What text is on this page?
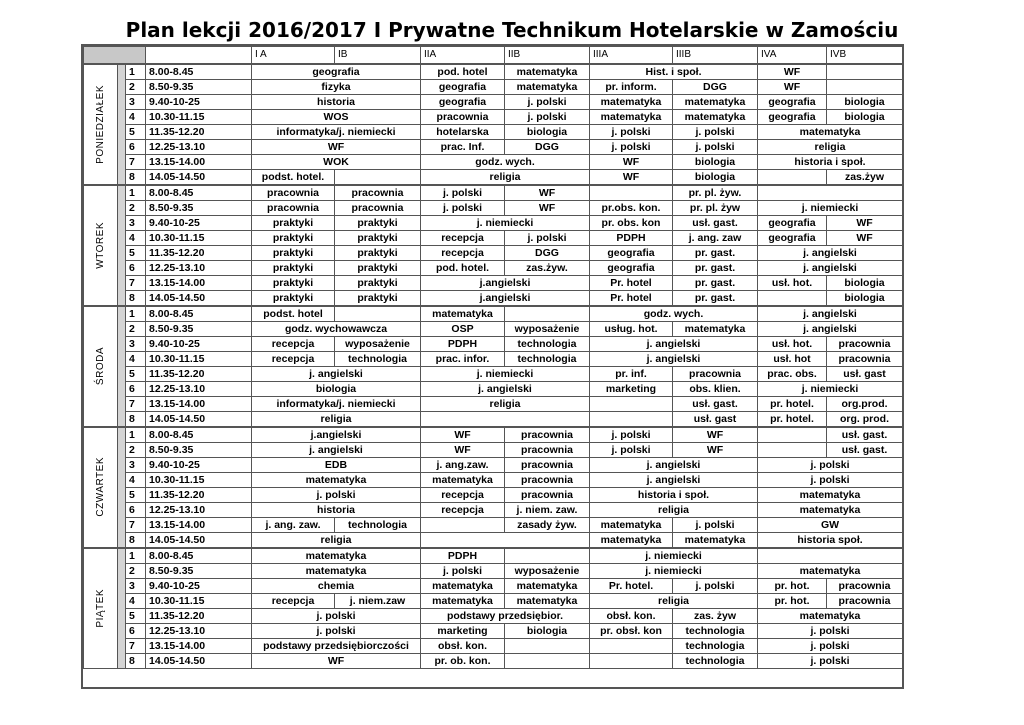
Plan lekcji 2016/2017 I Prywatne Technikum Hotelarskie w Zamościu
				I A	IB	IIA	IIB	IIIA	IIIB	IVA	IVB

PONIEDZIAŁEK		1	8.00-8.45	geografia		pod. hotel	matematyka	Hist. i społ.		WF	
		2	8.50-9.35	fizyka		geografia	matematyka	pr. inform.	DGG	WF	
		3	9.40-10-25	historia		geografia	j. polski	matematyka	matematyka	geografia	biologia
		4	10.30-11.15	WOS		pracownia	j. polski	matematyka	matematyka	geografia	biologia
		5	11.35-12.20	informatyka/j. niemiecki		hotelarska	biologia	j. polski	j. polski	matematyka	
		6	12.25-13.10	WF		prac. Inf.	DGG	j. polski	j. polski	religia	
		7	13.15-14.00	WOK		godz. wych.		WF	biologia	historia i społ.	
		8	14.05-14.50	podst. hotel.		religia		WF	biologia		zas.żyw

WTOREK		1	8.00-8.45	pracownia	pracownia	j. polski	WF		pr. pl. żyw.		
		2	8.50-9.35	pracownia	pracownia	j. polski	WF	pr.obs. kon.	pr. pl. żyw	j. niemiecki	
		3	9.40-10-25	praktyki	praktyki	j. niemiecki		pr. obs. kon	usł. gast.	geografia	WF
		4	10.30-11.15	praktyki	praktyki	recepcja	j. polski	PDPH	j. ang. zaw	geografia	WF
		5	11.35-12.20	praktyki	praktyki	recepcja	DGG	geografia	pr. gast.	j. angielski	
		6	12.25-13.10	praktyki	praktyki	pod. hotel.	zas.żyw.	geografia	pr. gast.	j. angielski	
		7	13.15-14.00	praktyki	praktyki	j.angielski		Pr. hotel	pr. gast.	usł. hot.	biologia
		8	14.05-14.50	praktyki	praktyki	j.angielski		Pr. hotel	pr. gast.		biologia

ŚRODA		1	8.00-8.45	podst. hotel		matematyka		godz. wych.		j. angielski	
		2	8.50-9.35	godz. wychowawcza		OSP	wyposażenie	usług. hot.	matematyka	j. angielski	
		3	9.40-10-25	recepcja	wyposażenie	PDPH	technologia	j. angielski		usł. hot.	pracownia
		4	10.30-11.15	recepcja	technologia	prac. infor.	technologia	j. angielski		usł. hot	pracownia
		5	11.35-12.20	j. angielski		j. niemiecki		pr. inf.	pracownia	prac. obs.	usł. gast
		6	12.25-13.10	biologia		j. angielski		marketing	obs. klien.	j. niemiecki	
		7	13.15-14.00	informatyka/j. niemiecki		religia			usł. gast.	pr. hotel.	org.prod.
		8	14.05-14.50	religia					usł. gast	pr. hotel.	org. prod.

CZWARTEK		1	8.00-8.45	j.angielski		WF	pracownia	j. polski	WF		usł. gast.
		2	8.50-9.35	j. angielski		WF	pracownia	j. polski	WF		usł. gast.
		3	9.40-10-25	EDB		j. ang.zaw.	pracownia	j. angielski		j. polski	
		4	10.30-11.15	matematyka		matematyka	pracownia	j. angielski		j. polski	
		5	11.35-12.20	j. polski		recepcja	pracownia	historia i społ.		matematyka	
		6	12.25-13.10	historia		recepcja	j. niem. zaw.	religia		matematyka	
		7	13.15-14.00	j. ang. zaw.	technologia		zasady żyw.	matematyka	j. polski	GW	
		8	14.05-14.50	religia				matematyka	matematyka	historia społ.	

PIĄTEK		1	8.00-8.45	matematyka		PDPH		j. niemiecki			
		2	8.50-9.35	matematyka		j. polski	wyposażenie	j. niemiecki		matematyka	
		3	9.40-10-25	chemia		matematyka	matematyka	Pr. hotel.	j. polski	pr. hot.	pracownia
		4	10.30-11.15	recepcja	j. niem.zaw	matematyka	matematyka	religia		pr. hot.	pracownia
		5	11.35-12.20	j. polski		podstawy przedsiębior.		obsł. kon.	zas. żyw	matematyka	
		6	12.25-13.10	j. polski		marketing	biologia	pr. obsł. kon	technologia	j. polski	
		7	13.15-14.00	podstawy przedsiębiorczości		obsł. kon.			technologia	j. polski	
		8	14.05-14.50	WF		pr. ob. kon.			technologia	j. polski	
